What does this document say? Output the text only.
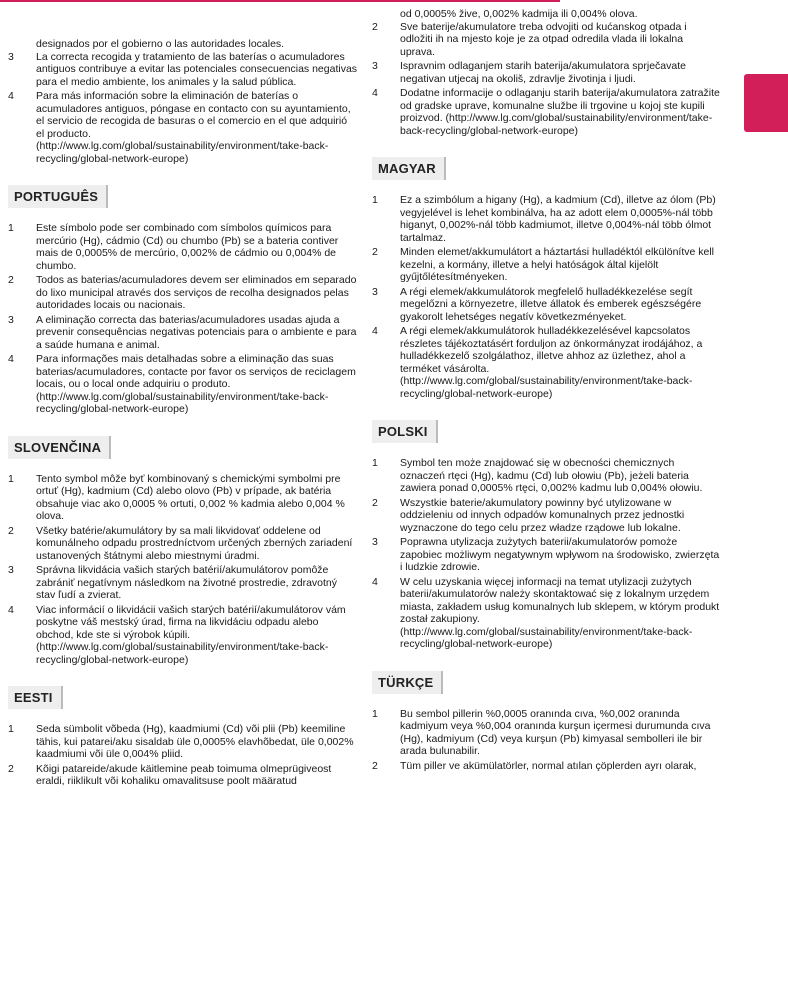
designados por el gobierno o las autoridades locales.

3	La correcta recogida y tratamiento de las baterías o acumuladores antiguos contribuye a evitar las potenciales consecuencias negativas para el medio ambiente, los animales y la salud pública.
4	Para más información sobre la eliminación de baterías o acumuladores antiguos, póngase en contacto con su ayuntamiento, el servicio de recogida de basuras o el comercio en el que adquirió el producto. (http://www.lg.com/global/sustainability/environment/take-back-recycling/global-network-europe)
PORTUGUÊS
1	Este símbolo pode ser combinado com símbolos químicos para mercúrio (Hg), cádmio (Cd) ou chumbo (Pb) se a bateria contiver mais de 0,0005% de mercúrio, 0,002% de cádmio ou 0,004% de chumbo.
2	Todos as baterias/acumuladores devem ser eliminados em separado do lixo municipal através dos serviços de recolha designados pelas autoridades locais ou nacionais.
3	A eliminação correcta das baterias/acumuladores usadas ajuda a prevenir consequências negativas potenciais para o ambiente e para a saúde humana e animal.
4	Para informações mais detalhadas sobre a eliminação das suas baterias/acumuladores, contacte por favor os serviços de reciclagem locais, ou o local onde adquiriu o produto. (http://www.lg.com/global/sustainability/environment/take-back-recycling/global-network-europe)
SLOVENČINA
1	Tento symbol môže byť kombinovaný s chemickými symbolmi pre ortuť (Hg), kadmium (Cd) alebo olovo (Pb) v prípade, ak batéria obsahuje viac ako 0,0005 % ortuti, 0,002 % kadmia alebo 0,004 % olova.
2	Všetky batérie/akumulátory by sa mali likvidovať oddelene od komunálneho odpadu prostredníctvom určených zberných zariadení ustanovených štátnymi alebo miestnymi úradmi.
3	Správna likvidácia vašich starých batérií/akumulátorov pomôže zabrániť negatívnym následkom na životné prostredie, zdravotný stav ľudí a zvierat.
4	Viac informácií o likvidácii vašich starých batérií/akumulátorov vám poskytne váš mestský úrad, firma na likvidáciu odpadu alebo obchod, kde ste si výrobok kúpili. (http://www.lg.com/global/sustainability/environment/take-back-recycling/global-network-europe)
EESTI
1	Seda sümbolit võbeda (Hg), kaadmiumi (Cd) või plii (Pb) keemiline tähis, kui patarei/aku sisaldab üle 0,0005% elavhõbedat, üle 0,002% kaadmiumi või üle 0,004% pliid.
2	Kõigi patareide/akude käitlemine peab toimuma olmeprügiveost eraldi, riiklikult või kohaliku omavalitsuse poolt määratud

od 0,0005% žive, 0,002% kadmija ili 0,004% olova.

2	Sve baterije/akumulatore treba odvojiti od kućanskog otpada i odložiti ih na mjesto koje je za otpad odredila vlada ili lokalna uprava.
3	Ispravnim odlaganjem starih baterija/akumulatora sprječavate negativan utjecaj na okoliš, zdravlje životinja i ljudi.
4	Dodatne informacije o odlaganju starih baterija/akumulatora zatražite od gradske uprave, komunalne službe ili trgovine u kojoj ste kupili proizvod. (http://www.lg.com/global/sustainability/environment/take-back-recycling/global-network-europe)
MAGYAR
1	Ez a szimbólum a higany (Hg), a kadmium (Cd), illetve az ólom (Pb) vegyjelével is lehet kombinálva, ha az adott elem 0,0005%-nál több higanyt, 0,002%-nál több kadmiumot, illetve 0,004%-nál több ólmot tartalmaz.
2	Minden elemet/akkumulátort a háztartási hulladéktól elkülönítve kell kezelni, a kormány, illetve a helyi hatóságok által kijelölt gyűjtőlétesítményeken.
3	A régi elemek/akkumulátorok megfelelő hulladékkezelése segít megelőzni a környezetre, illetve állatok és emberek egészségére gyakorolt lehetséges negatív következményeket.
4	A régi elemek/akkumulátorok hulladékkezelésével kapcsolatos részletes tájékoztatásért forduljon az önkormányzat irodájához, a hulladékkezelő szolgálathoz, illetve ahhoz az üzlethez, ahol a terméket vásárolta. (http://www.lg.com/global/sustainability/environment/take-back-recycling/global-network-europe)
POLSKI
1	Symbol ten może znajdować się w obecności chemicznych oznaczeń rtęci (Hg), kadmu (Cd) lub ołowiu (Pb), jeżeli bateria zawiera ponad 0,0005% rtęci, 0,002% kadmu lub 0,004% ołowiu.
2	Wszystkie baterie/akumulatory powinny być utylizowane w oddzieleniu od innych odpadów komunalnych przez jednostki wyznaczone do tego celu przez władze rządowe lub lokalne.
3	Poprawna utylizacja zużytych baterii/akumulatorów pomoże zapobiec możliwym negatywnym wpływom na środowisko, zwierzęta i ludzkie zdrowie.
4	W celu uzyskania więcej informacji na temat utylizacji zużytych baterii/akumulatorów należy skontaktować się z lokalnym urzędem miasta, zakładem usług komunalnych lub sklepem, w którym produkt został zakupiony. (http://www.lg.com/global/sustainability/environment/take-back-recycling/global-network-europe)
TÜRKÇE
1	Bu sembol pillerin %0,0005 oranında cıva, %0,002 oranında kadmiyum veya %0,004 oranında kurşun içermesi durumunda cıva (Hg), kadmiyum (Cd) veya kurşun (Pb) kimyasal sembolleri ile bir arada bulunabilir.
2	Tüm piller ve akümülatörler, normal atılan çöplerden ayrı olarak,
